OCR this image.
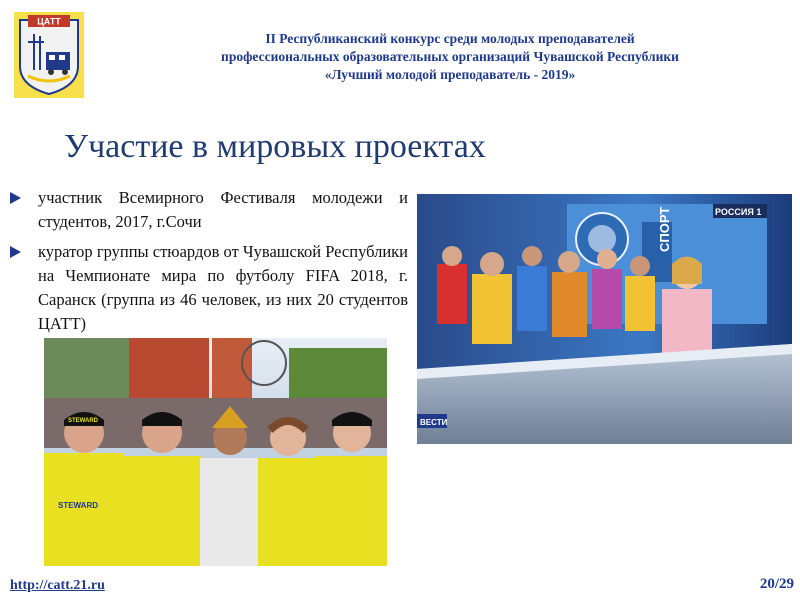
ЦАТТ
II Республиканский конкурс среди молодых преподавателей
профессиональных образовательных организаций Чувашской Республики
«Лучший молодой преподаватель - 2019»
Участие в мировых проектах
участник Всемирного Фестиваля молодежи и студентов, 2017, г.Сочи
куратор группы стюардов от Чувашской Республики на Чемпионате мира по футболу FIFA 2018, г. Саранск (группа из 46 человек, из них 20 студентов ЦАТТ)
СПОРТ	РОССИЯ 1
ВЕСТИ
STEWARD
STEWARD
http://catt.21.ru	20/29
